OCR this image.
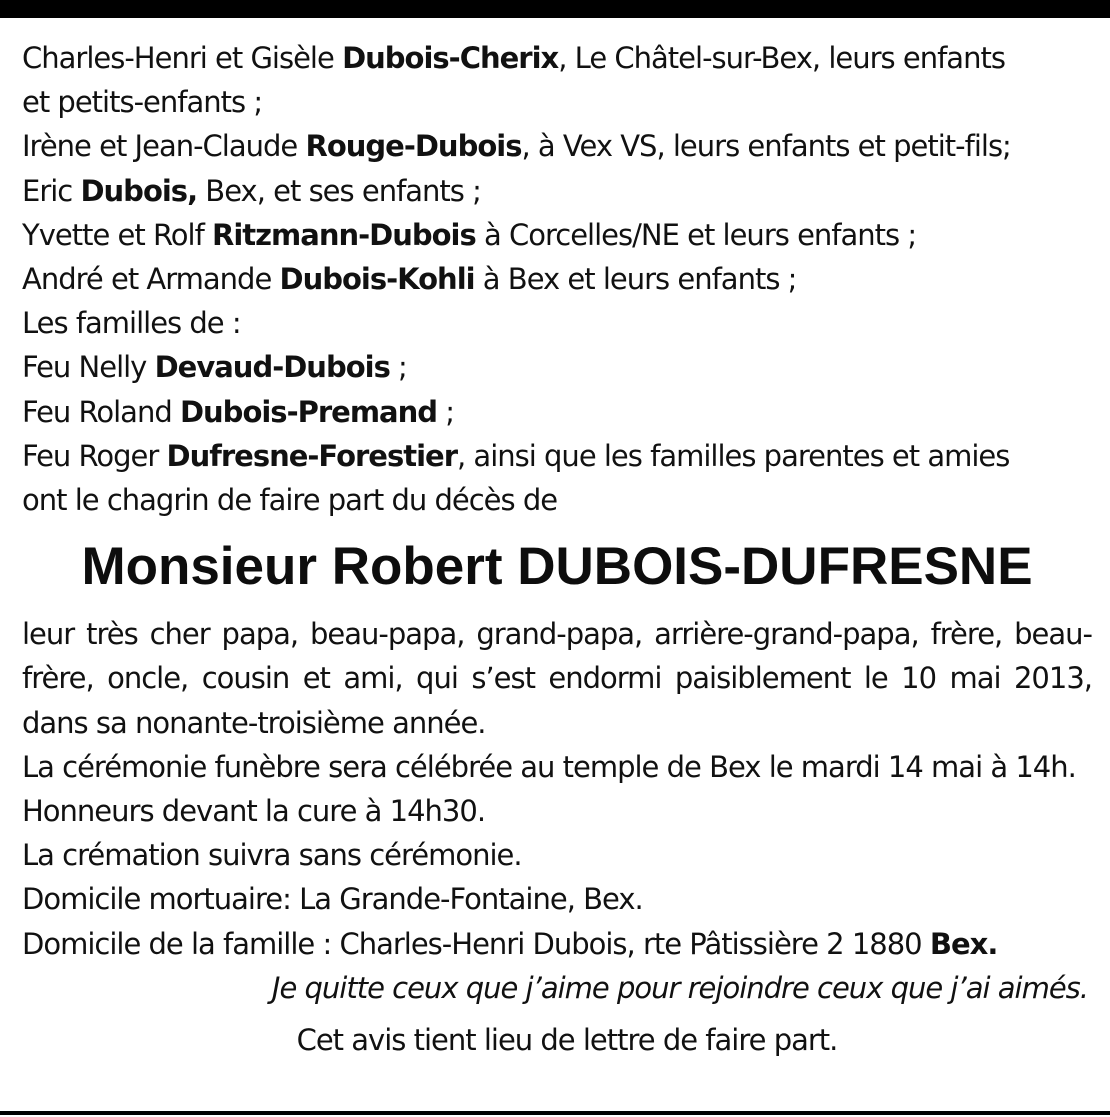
Charles-Henri et Gisèle Dubois-Cherix, Le Châtel-sur-Bex, leurs enfants
et petits-enfants ;
Irène et Jean-Claude Rouge-Dubois, à Vex VS, leurs enfants et petit-fils;
Eric Dubois, Bex, et ses enfants ;
Yvette et Rolf Ritzmann-Dubois à Corcelles/NE et leurs enfants ;
André et Armande Dubois-Kohli à Bex et leurs enfants ;
Les familles de :
Feu Nelly Devaud-Dubois ;
Feu Roland Dubois-Premand ;
Feu Roger Dufresne-Forestier, ainsi que les familles parentes et amies
ont le chagrin de faire part du décès de
Monsieur Robert DUBOIS-DUFRESNE
leur très cher papa, beau-papa, grand-papa, arrière-grand-papa, frère, beau-frère, oncle, cousin et ami, qui s’est endormi paisiblement le 10 mai 2013, dans sa nonante-troisième année.
La cérémonie funèbre sera célébrée au temple de Bex le mardi 14 mai à 14h.
Honneurs devant la cure à 14h30.
La crémation suivra sans cérémonie.
Domicile mortuaire: La Grande-Fontaine, Bex.
Domicile de la famille : Charles-Henri Dubois, rte Pâtissière 2 1880 Bex.
Je quitte ceux que j’aime pour rejoindre ceux que j’ai aimés.
Cet avis tient lieu de lettre de faire part.
